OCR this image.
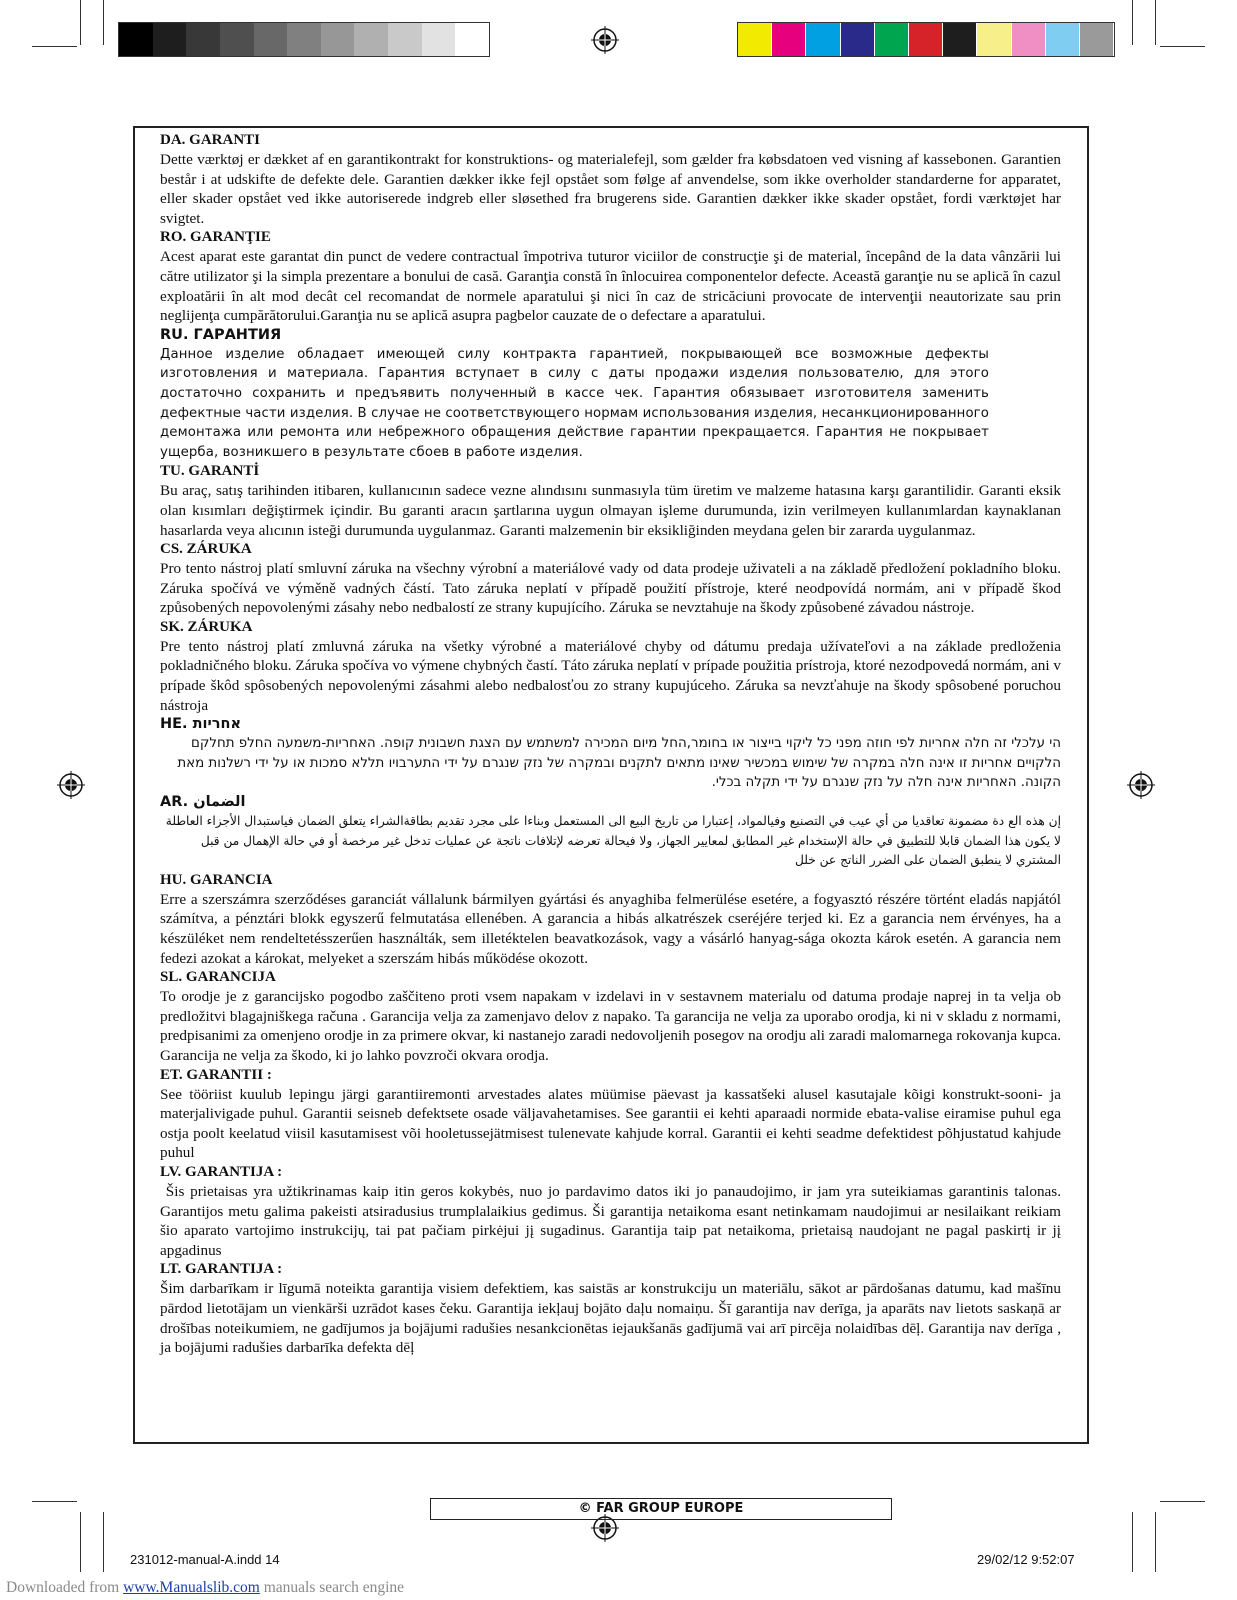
DA. GARANTI

Dette værktøj er dækket af en garantikontrakt for konstruktions- og materialefejl, som gælder fra købsdatoen ved visning af kassebonen. Garantien består i at udskifte de defekte dele. Garantien dækker ikke fejl opstået som følge af anvendelse, som ikke overholder standarderne for apparatet, eller skader opstået ved ikke autoriserede indgreb eller sløsethed fra brugerens side. Garantien dækker ikke skader opstået, fordi værktøjet har svigtet.

RO. GARANŢIE

Acest aparat este garantat din punct de vedere contractual împotriva tuturor viciilor de construcţie şi de material, începând de la data vânzării lui către utilizator şi la simpla prezentare a bonului de casă. Garanţia constă în înlocuirea componentelor defecte. Această garanţie nu se aplică în cazul exploatării în alt mod decât cel recomandat de normele aparatului şi nici în caz de stricăciuni provocate de intervenţii neautorizate sau prin neglijenţa cumpărătorului.Garanţia nu se aplică asupra pagbelor cauzate de o defectare a aparatului.

RU. ГАРАНТИЯ

Данное изделие обладает имеющей силу контракта гарантией, покрывающей все возможные дефекты изготовления и материала. Гарантия вступает в силу с даты продажи изделия пользователю, для этого достаточно сохранить и предъявить полученный в кассе чек. Гарантия обязывает изготовителя заменить дефектные части изделия. В случае не соответствующего нормам использования изделия, несанкционированного демонтажа или ремонта или небрежного обращения действие гарантии прекращается. Гарантия не покрывает ущерба, возникшего в результате сбоев в работе изделия.

TU. GARANTİ

Bu araç, satış tarihinden itibaren, kullanıcının sadece vezne alındısını sunmasıyla tüm üretim ve malzeme hatasına karşı garantilidir. Garanti eksik olan kısımları değiştirmek içindir. Bu garanti aracın şartlarına uygun olmayan işleme durumunda, izin verilmeyen kullanımlardan kaynaklanan hasarlarda veya alıcının isteği durumunda uygulanmaz. Garanti malzemenin bir eksikliğinden meydana gelen bir zararda uygulanmaz.

CS. ZÁRUKA

Pro tento nástroj platí smluvní záruka na všechny výrobní a materiálové vady od data prodeje uživateli a na základě předložení pokladního bloku. Záruka spočívá ve výměně vadných částí. Tato záruka neplatí v případě použití přístroje, které neodpovídá normám, ani v případě škod způsobených nepovolenými zásahy nebo nedbalostí ze strany kupujícího. Záruka se nevztahuje na škody způsobené závadou nástroje.

SK. ZÁRUKA

Pre tento nástroj platí zmluvná záruka na všetky výrobné a materiálové chyby od dátumu predaja užívateľovi a na základe predloženia pokladničného bloku. Záruka spočíva vo výmene chybných častí. Táto záruka neplatí v prípade použitia prístroja, ktoré nezodpovedá normám, ani v prípade škôd spôsobených nepovolenými zásahmi alebo nedbalosťou zo strany kupujúceho. Záruka sa nevzťahuje na škody spôsobené poruchou nástroja

HE. אחריות

הי עלכלי זה חלה אחריות לפי חוזה מפני כל ליקוי בייצור או בחומר,החל מיום המכירה למשתמש עם הצגת חשבונית קופה. האחריות-משמעה החלפ תחלקם הלקויים אחריות זו אינה חלה במקרה של שימוש במכשיר שאינו מתאים לתקנים ובמקרה של נזק שנגרם על ידי התערבויו תללא סמכות או על ידי רשלנות מאת הקונה. האחריות אינה חלה על נזק שנגרם על ידי תקלה בכלי.

AR. الضمان

إن هذه الع دة مضمونة تعاقديا من أي عيب في التصنيع وفيالمواد، إعتبارا من تاريخ البيع الى المستعمل وبناءا على مجرد تقديم بطاقةالشراء يتعلق الضمان فياستبدال الأجزاء العاطلة لا يكون هذا الضمان قابلا للتطبيق في حالة الإستخدام غير المطابق لمعايير الجهاز، ولا فيحالة تعرضه لإتلافات ناتجة عن عمليات تدخل غير مرخصة أو في حالة الإهمال من قبل المشتري لا ينطبق الضمان على الضرر الناتج عن خلل

HU. GARANCIA

Erre a szerszámra szerződéses garanciát vállalunk bármilyen gyártási és anyaghiba felmerülése esetére, a fogyasztó részére történt eladás napjától számítva, a pénztári blokk egyszerű felmutatása ellenében. A garancia a hibás alkatrészek cseréjére terjed ki. Ez a garancia nem érvényes, ha a készüléket nem rendeltetésszerűen használták, sem illetéktelen beavatkozások, vagy a vásárló hanyag-sága okozta károk esetén. A garancia nem fedezi azokat a károkat, melyeket a szerszám hibás működése okozott.

SL. GARANCIJA

To orodje je z garancijsko pogodbo zaščiteno proti vsem napakam v izdelavi in v sestavnem materialu od datuma prodaje naprej in ta velja ob predložitvi blagajniškega računa . Garancija velja za zamenjavo delov z napako. Ta garancija ne velja za uporabo orodja, ki ni v skladu z normami, predpisanimi za omenjeno orodje in za primere okvar, ki nastanejo zaradi nedovoljenih posegov na orodju ali zaradi malomarnega rokovanja kupca. Garancija ne velja za škodo, ki jo lahko povzroči okvara orodja.

ET. GARANTII :

See tööriist kuulub lepingu järgi garantiiremonti arvestades alates müümise päevast ja kassatšeki alusel kasutajale kõigi konstrukt-sooni- ja materjalivigade puhul. Garantii seisneb defektsete osade väljavahetamises. See garantii ei kehti aparaadi normide ebata-valise eiramise puhul ega ostja poolt keelatud viisil kasutamisest või hooletussejätmisest tulenevate kahjude korral. Garantii ei kehti seadme defektidest põhjustatud kahjude puhul

LV. GARANTIJA :

Šis prietaisas yra užtikrinamas kaip itin geros kokybės, nuo jo pardavimo datos iki jo panaudojimo, ir jam yra suteikiamas garantinis talonas. Garantijos metu galima pakeisti atsiradusius trumplalaikius gedimus. Ši garantija netaikoma esant netinkamam naudojimui ar nesilaikant reikiam šio aparato vartojimo instrukcijų, tai pat pačiam pirkėjui jį sugadinus. Garantija taip pat netaikoma, prietaisą naudojant ne pagal paskirtį ir jį apgadinus

LT. GARANTIJA :

Šim darbarīkam ir līgumā noteikta garantija visiem defektiem, kas saistās ar konstrukciju un materiālu, sākot ar pārdošanas datumu, kad mašīnu pārdod lietotājam un vienkārši uzrādot kases čeku. Garantija iekļauj bojāto daļu nomaiņu. Šī garantija nav derīga, ja aparāts nav lietots saskaņā ar drošības noteikumiem, ne gadījumos ja bojājumi radušies nesankcionētas iejaukšanās gadījumā vai arī pircēja nolaidības dēļ. Garantija nav derīga , ja bojājumi radušies darbarīka defekta dēļ

© FAR GROUP EUROPE
231012-manual-A.indd 14	29/02/12 9:52:07
Downloaded from www.Manualslib.com manuals search engine
